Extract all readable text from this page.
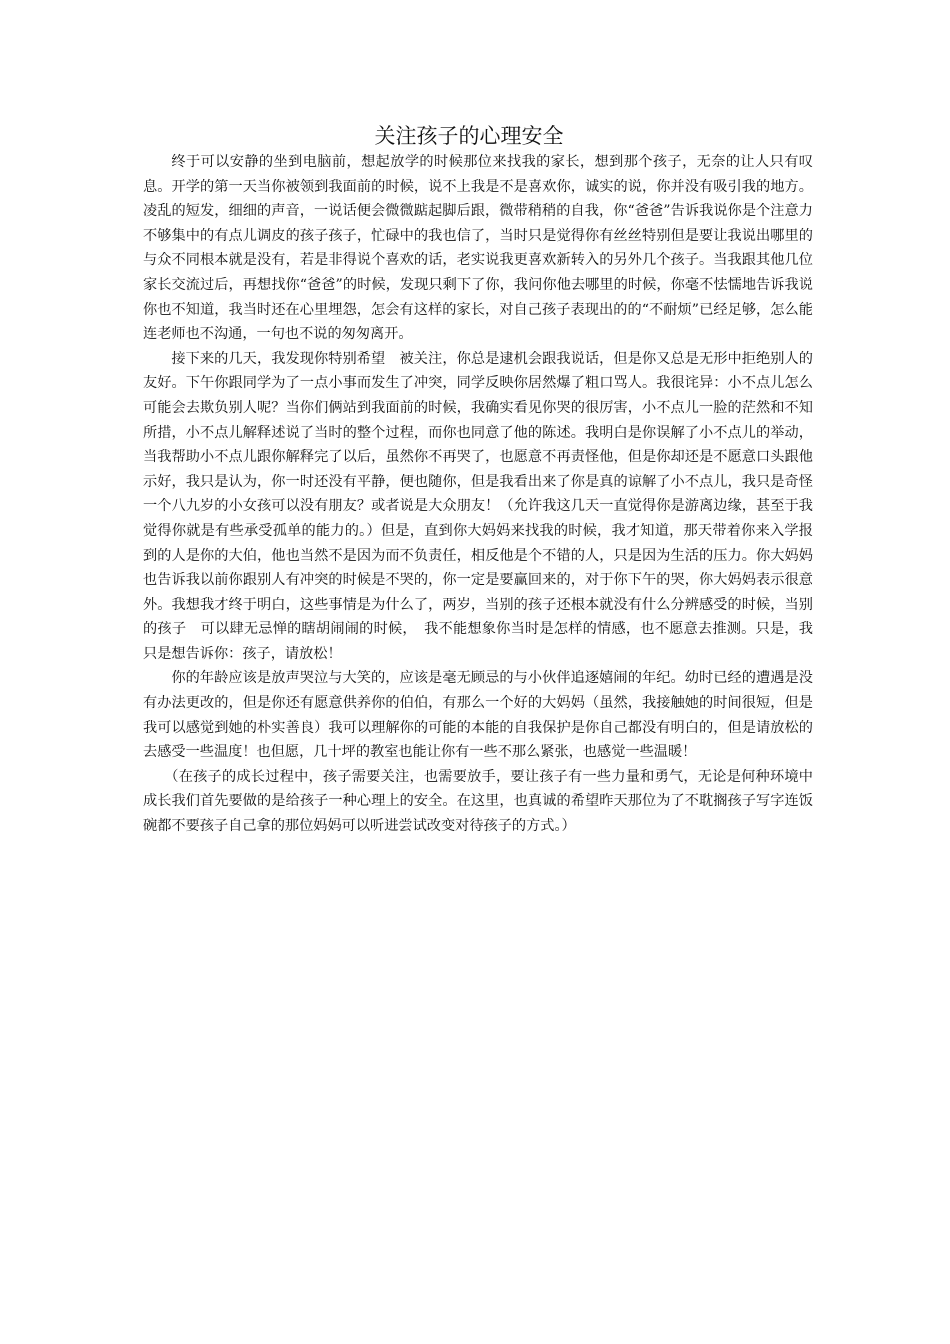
关注孩子的心理安全

终于可以安静的坐到电脑前，想起放学的时候那位来找我的家长，想到那个孩子，无奈的让人只有叹息。开学的第一天当你被领到我面前的时候，说不上我是不是喜欢你，诚实的说，你并没有吸引我的地方。凌乱的短发，细细的声音，一说话便会微微踮起脚后跟，微带稍稍的自我，你“爸爸”告诉我说你是个注意力不够集中的有点儿调皮的孩子孩子，忙碌中的我也信了，当时只是觉得你有丝丝特别但是要让我说出哪里的与众不同根本就是没有，若是非得说个喜欢的话，老实说我更喜欢新转入的另外几个孩子。当我跟其他几位家长交流过后，再想找你“爸爸”的时候，发现只剩下了你，我问你他去哪里的时候，你毫不怯懦地告诉我说你也不知道，我当时还在心里埋怨，怎会有这样的家长，对自己孩子表现出的的“不耐烦”已经足够，怎么能连老师也不沟通，一句也不说的匆匆离开。

接下来的几天，我发现你特别希望　被关注，你总是逮机会跟我说话，但是你又总是无形中拒绝别人的友好。下午你跟同学为了一点小事而发生了冲突，同学反映你居然爆了粗口骂人。我很诧异：小不点儿怎么可能会去欺负别人呢？当你们俩站到我面前的时候，我确实看见你哭的很厉害，小不点儿一脸的茫然和不知所措，小不点儿解释述说了当时的整个过程，而你也同意了他的陈述。我明白是你误解了小不点儿的举动，当我帮助小不点儿跟你解释完了以后，虽然你不再哭了，也愿意不再责怪他，但是你却还是不愿意口头跟他示好，我只是认为，你一时还没有平静，便也随你，但是我看出来了你是真的谅解了小不点儿，我只是奇怪一个八九岁的小女孩可以没有朋友？或者说是大众朋友！（允许我这几天一直觉得你是游离边缘，甚至于我觉得你就是有些承受孤单的能力的。）但是，直到你大妈妈来找我的时候，我才知道，那天带着你来入学报到的人是你的大伯，他也当然不是因为而不负责任，相反他是个不错的人，只是因为生活的压力。你大妈妈也告诉我以前你跟别人有冲突的时候是不哭的，你一定是要赢回来的，对于你下午的哭，你大妈妈表示很意外。我想我才终于明白，这些事情是为什么了，两岁，当别的孩子还根本就没有什么分辨感受的时候，当别的孩子　可以肆无忌惮的瞎胡闹闹的时候，　我不能想象你当时是怎样的情感，也不愿意去推测。只是，我只是想告诉你：孩子，请放松！

你的年龄应该是放声哭泣与大笑的，应该是毫无顾忌的与小伙伴追逐嬉闹的年纪。幼时已经的遭遇是没有办法更改的，但是你还有愿意供养你的伯伯，有那么一个好的大妈妈（虽然，我接触她的时间很短，但是我可以感觉到她的朴实善良）我可以理解你的可能的本能的自我保护是你自己都没有明白的，但是请放松的去感受一些温度！也但愿，几十坪的教室也能让你有一些不那么紧张，也感觉一些温暖！

（在孩子的成长过程中，孩子需要关注，也需要放手，要让孩子有一些力量和勇气，无论是何种环境中成长我们首先要做的是给孩子一种心理上的安全。在这里，也真诚的希望昨天那位为了不耽搁孩子写字连饭碗都不要孩子自己拿的那位妈妈可以听进尝试改变对待孩子的方式。）
